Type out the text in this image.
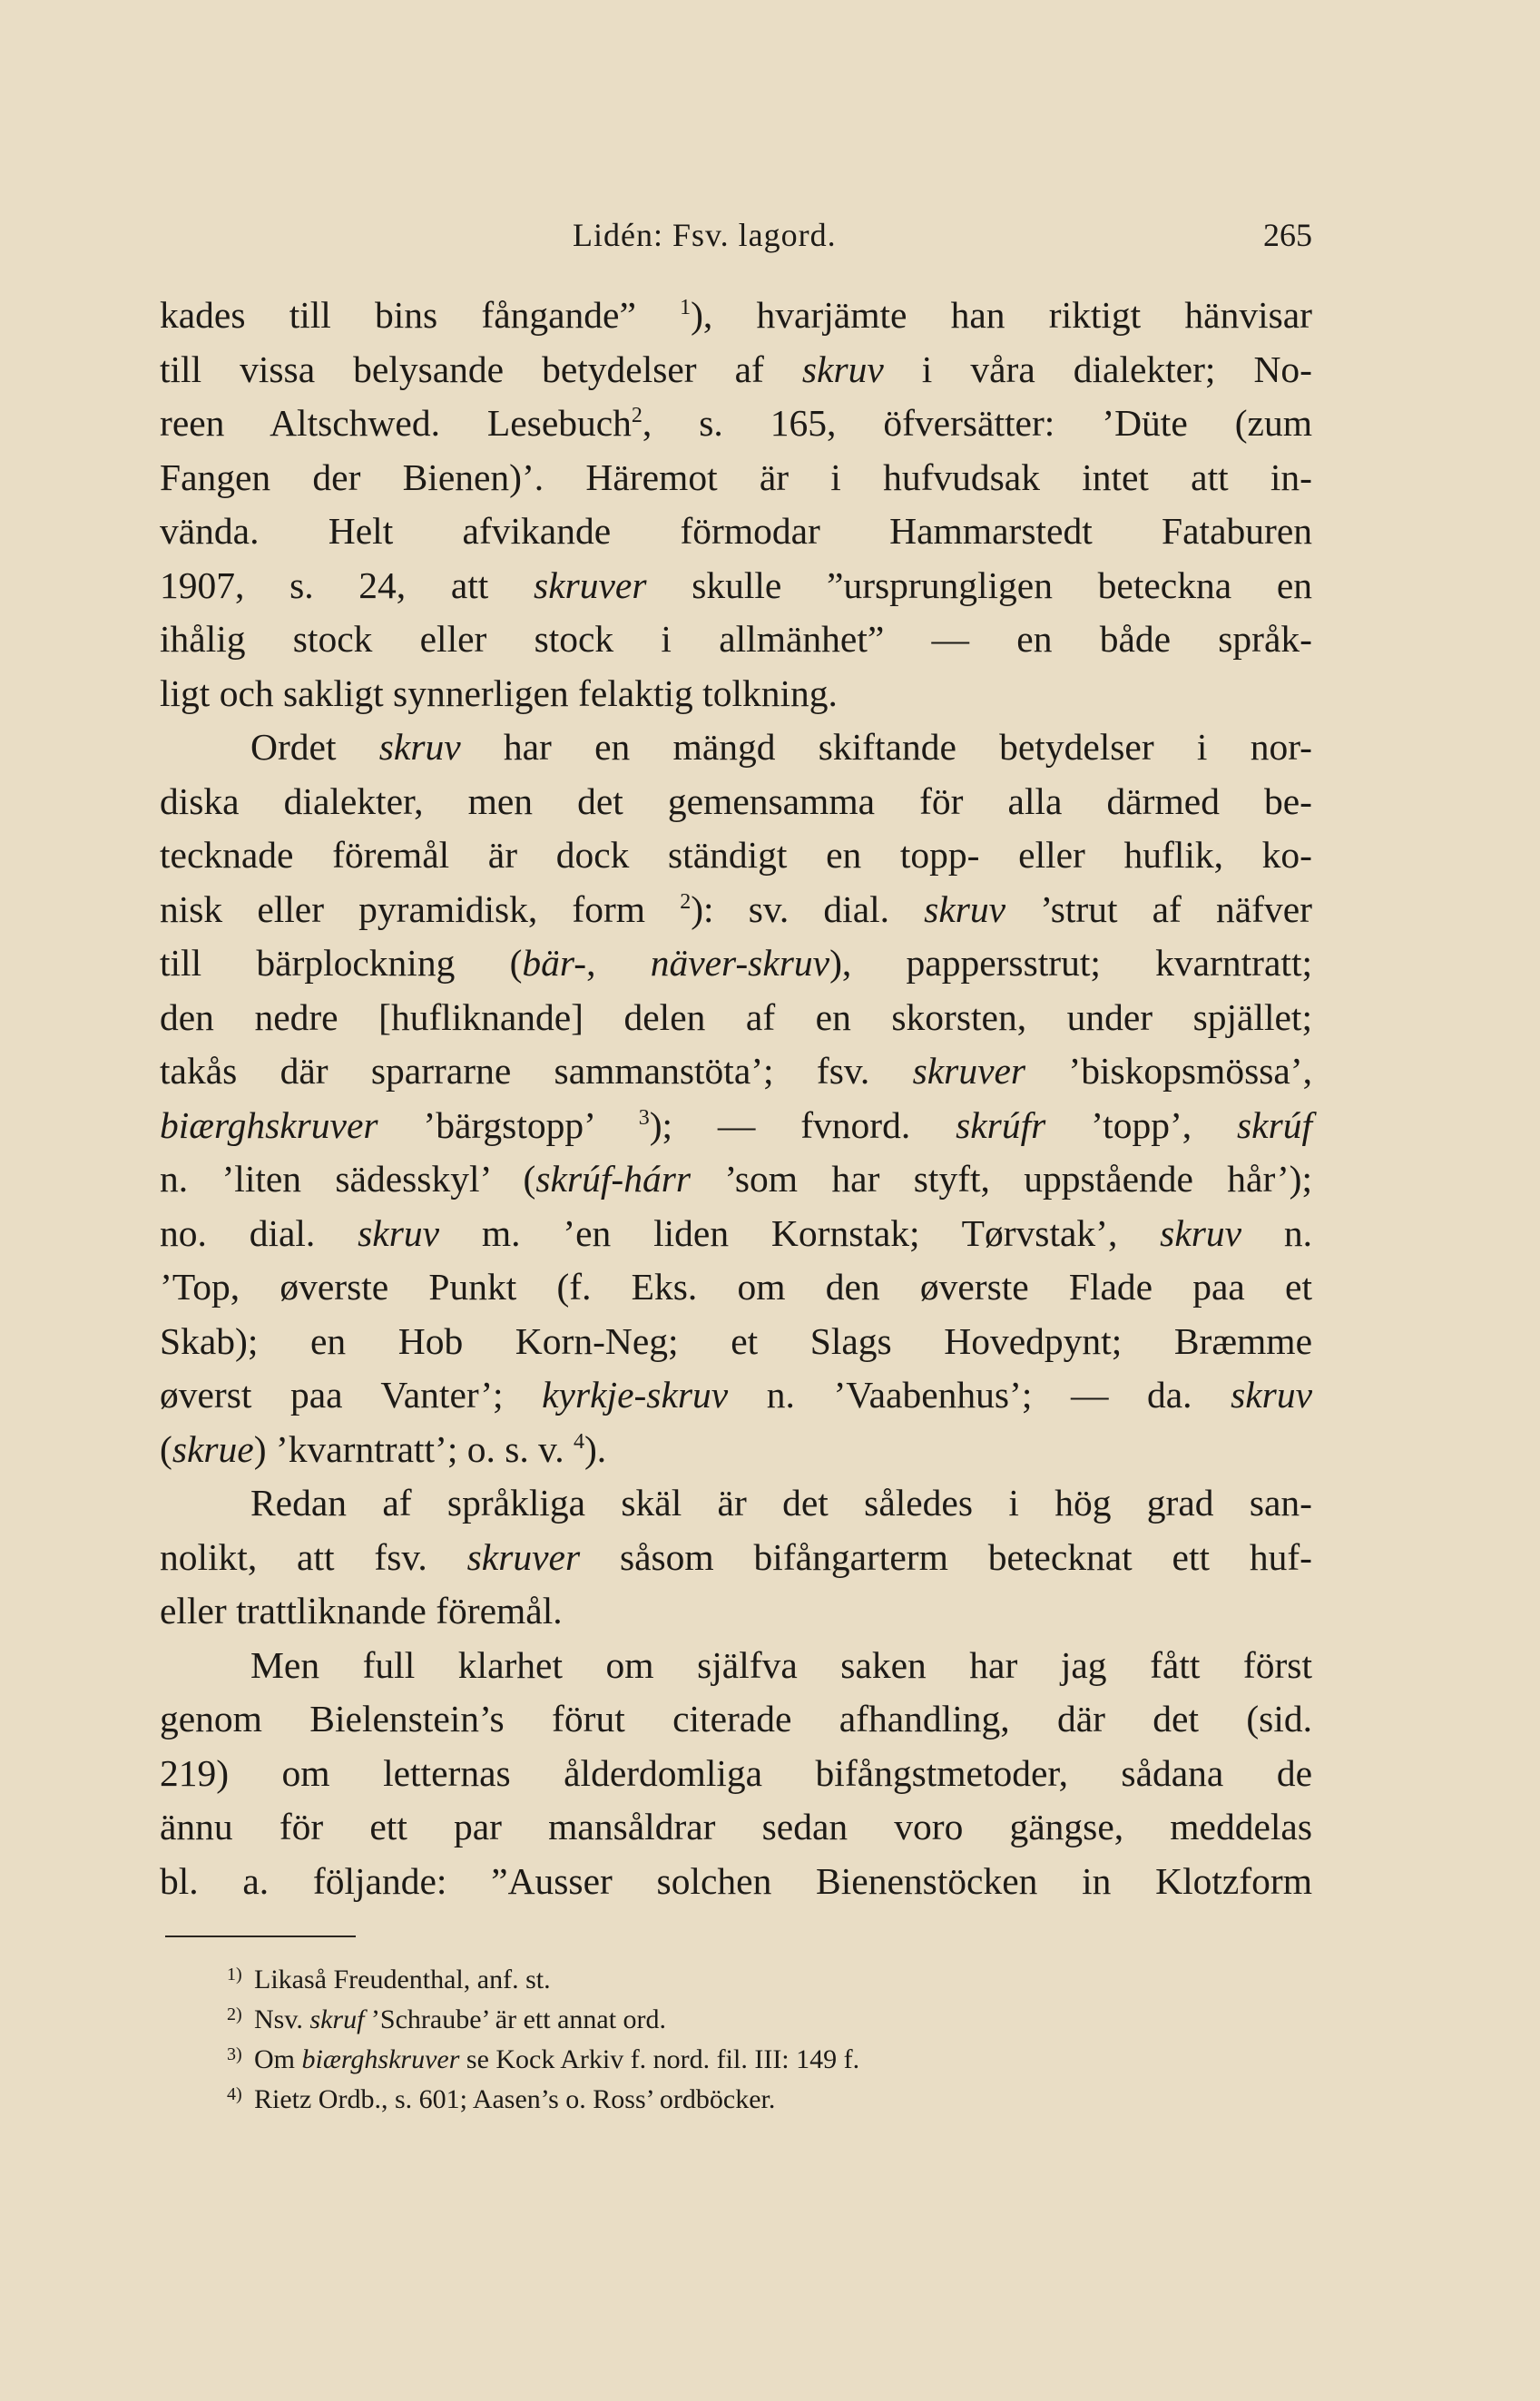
Lidén: Fsv. lagord.	265
kades till bins fångande” $^1$), hvarjämte han riktigt hänvisar
till vissa belysande betydelser af skruv i våra dialekter; No-
reen Altschwed. Lesebuch$^2$, s. 165, öfversätter: ’Düte (zum
Fangen der Bienen)’. Häremot är i hufvudsak intet att in-
vända. Helt afvikande förmodar Hammarstedt Fataburen
1907, s. 24, att skruver skulle ”ursprungligen beteckna en
ihålig stock eller stock i allmänhet” — en både språk-
ligt och sakligt synnerligen felaktig tolkning.
Ordet skruv har en mängd skiftande betydelser i nor-
diska dialekter, men det gemensamma för alla därmed be-
tecknade föremål är dock ständigt en topp- eller huflik, ko-
nisk eller pyramidisk, form $^2$): sv. dial. skruv ’strut af näfver
till bärplockning (bär-, näver-skruv), pappersstrut; kvarntratt;
den nedre [hufliknande] delen af en skorsten, under spjället;
takås där sparrarne sammanstöta’; fsv. skruver ’biskopsmössa’,
biærghskruver ’bärgstopp’ $^3$); — fvnord. skrúfr ’topp’, skrúf
n. ’liten sädesskyl’ (skrúf-hárr ’som har styft, uppstående hår’);
no. dial. skruv m. ’en liden Kornstak; Tørvstak’, skruv n.
’Top, øverste Punkt (f. Eks. om den øverste Flade paa et
Skab); en Hob Korn-Neg; et Slags Hovedpynt; Bræmme
øverst paa Vanter’; kyrkje-skruv n. ’Vaabenhus’; — da. skruv
(skrue) ’kvarntratt’; o. s. v. $^4$).
Redan af språkliga skäl är det således i hög grad san-
nolikt, att fsv. skruver såsom bifångarterm betecknat ett huf-
eller trattliknande föremål.
Men full klarhet om själfva saken har jag fått först
genom Bielenstein’s förut citerade afhandling, där det (sid.
219) om letternas ålderdomliga bifångstmetoder, sådana de
ännu för ett par mansåldrar sedan voro gängse, meddelas
bl. a. följande: ”Ausser solchen Bienenstöcken in Klotzform
1) Likaså Freudenthal, anf. st.
2) Nsv. skruf ’Schraube’ är ett annat ord.
3) Om biærghskruver se Kock Arkiv f. nord. fil. III: 149 f.
4) Rietz Ordb., s. 601; Aasen’s o. Ross’ ordböcker.
